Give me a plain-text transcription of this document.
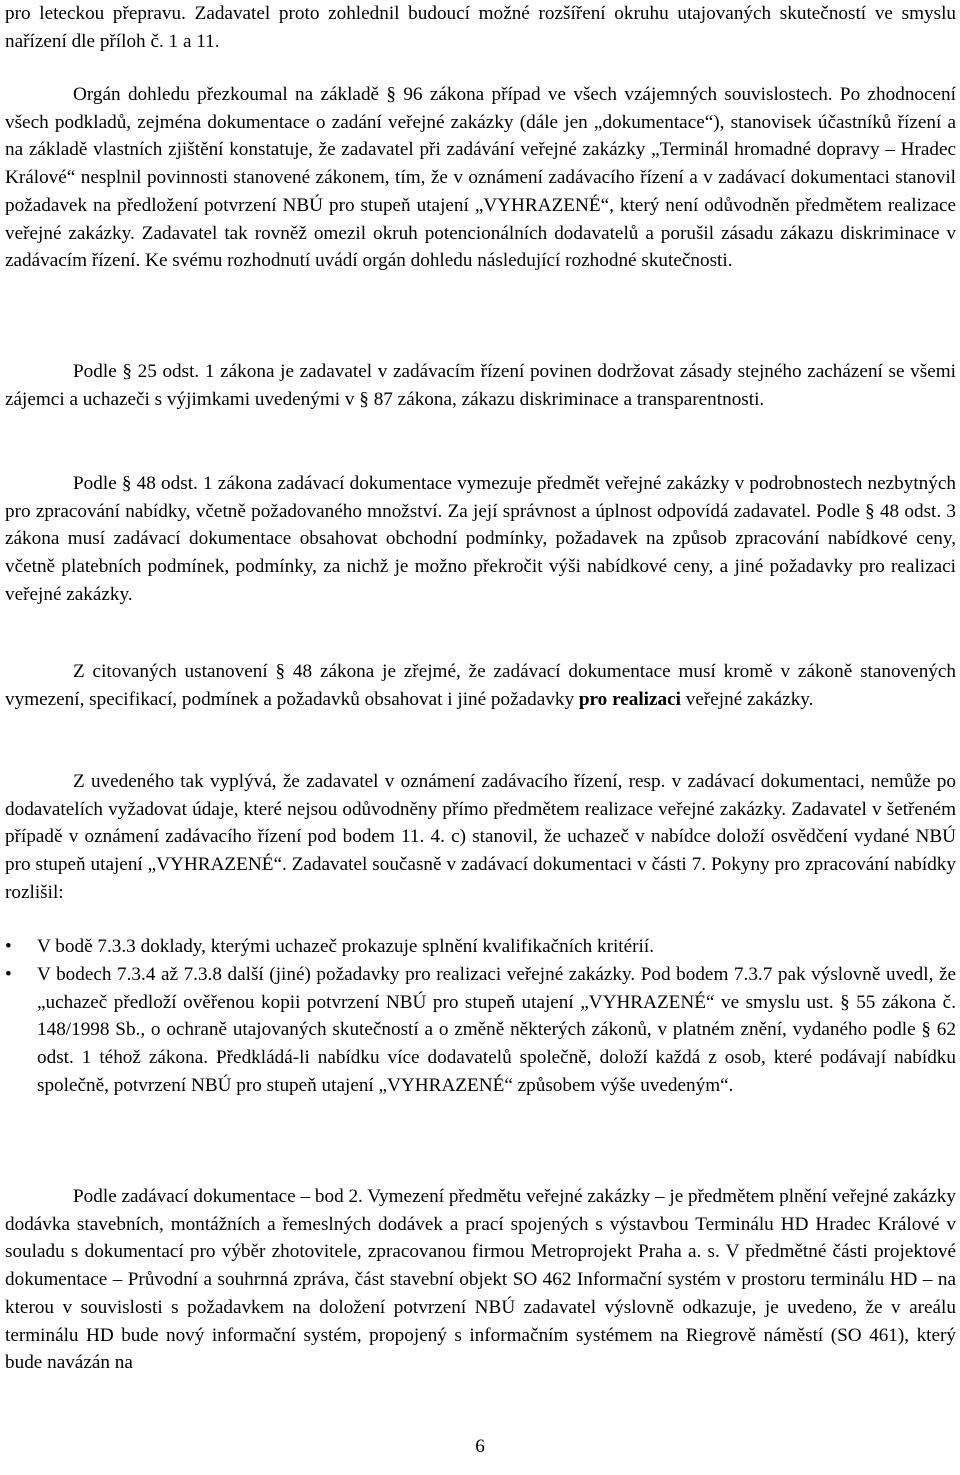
pro leteckou přepravu. Zadavatel proto zohlednil budoucí možné rozšíření okruhu utajovaných skutečností ve smyslu nařízení dle příloh č. 1 a 11.

Orgán dohledu přezkoumal na základě § 96 zákona případ ve všech vzájemných souvislostech. Po zhodnocení všech podkladů, zejména dokumentace o zadání veřejné zakázky (dále jen „dokumentace“), stanovisek účastníků řízení a na základě vlastních zjištění konstatuje, že zadavatel při zadávání veřejné zakázky „Terminál hromadné dopravy – Hradec Králové“ nesplnil povinnosti stanovené zákonem, tím, že v oznámení zadávacího řízení a v zadávací dokumentaci stanovil požadavek na předložení potvrzení NBÚ pro stupeň utajení „VYHRAZENÉ“, který není odůvodněn předmětem realizace veřejné zakázky. Zadavatel tak rovněž omezil okruh potencionálních dodavatelů a porušil zásadu zákazu diskriminace v zadávacím řízení. Ke svému rozhodnutí uvádí orgán dohledu následující rozhodné skutečnosti.

Podle § 25 odst. 1 zákona je zadavatel v zadávacím řízení povinen dodržovat zásady stejného zacházení se všemi zájemci a uchazeči s výjimkami uvedenými v § 87 zákona, zákazu diskriminace a transparentnosti.

Podle § 48 odst. 1 zákona zadávací dokumentace vymezuje předmět veřejné zakázky v podrobnostech nezbytných pro zpracování nabídky, včetně požadovaného množství. Za její správnost a úplnost odpovídá zadavatel. Podle § 48 odst. 3 zákona musí zadávací dokumentace obsahovat obchodní podmínky, požadavek na způsob zpracování nabídkové ceny, včetně platebních podmínek, podmínky, za nichž je možno překročit výši nabídkové ceny, a jiné požadavky pro realizaci veřejné zakázky.

Z citovaných ustanovení § 48 zákona je zřejmé, že zadávací dokumentace musí kromě v zákoně stanovených vymezení, specifikací, podmínek a požadavků obsahovat i jiné požadavky pro realizaci veřejné zakázky.

Z uvedeného tak vyplývá, že zadavatel v oznámení zadávacího řízení, resp. v zadávací dokumentaci, nemůže po dodavatelích vyžadovat údaje, které nejsou odůvodněny přímo předmětem realizace veřejné zakázky. Zadavatel v šetřeném případě v oznámení zadávacího řízení pod bodem 11. 4. c) stanovil, že uchazeč v nabídce doloží osvědčení vydané NBÚ pro stupeň utajení „VYHRAZENÉ“. Zadavatel současně v zadávací dokumentaci v části 7. Pokyny pro zpracování nabídky rozlišil:

•	V bodě 7.3.3 doklady, kterými uchazeč prokazuje splnění kvalifikačních kritérií.
•	V bodech 7.3.4 až 7.3.8 další (jiné) požadavky pro realizaci veřejné zakázky. Pod bodem 7.3.7 pak výslovně uvedl, že „uchazeč předloží ověřenou kopii potvrzení NBÚ pro stupeň utajení „VYHRAZENÉ“ ve smyslu ust. § 55 zákona č. 148/1998 Sb., o ochraně utajovaných skutečností a o změně některých zákonů, v platném znění, vydaného podle § 62 odst. 1 téhož zákona. Předkládá-li nabídku více dodavatelů společně, doloží každá z osob, které podávají nabídku společně, potvrzení NBÚ pro stupeň utajení „VYHRAZENÉ“ způsobem výše uvedeným“.

Podle zadávací dokumentace – bod 2. Vymezení předmětu veřejné zakázky – je předmětem plnění veřejné zakázky dodávka stavebních, montážních a řemeslných dodávek a prací spojených s výstavbou Terminálu HD Hradec Králové v souladu s dokumentací pro výběr zhotovitele, zpracovanou firmou Metroprojekt Praha a. s. V předmětné části projektové dokumentace – Průvodní a souhrnná zpráva, část stavební objekt SO 462 Informační systém v prostoru terminálu HD – na kterou v souvislosti s požadavkem na doložení potvrzení NBÚ zadavatel výslovně odkazuje, je uvedeno, že v areálu terminálu HD bude nový informační systém, propojený s informačním systémem na Riegrově náměstí (SO 461), který bude navázán na

6
